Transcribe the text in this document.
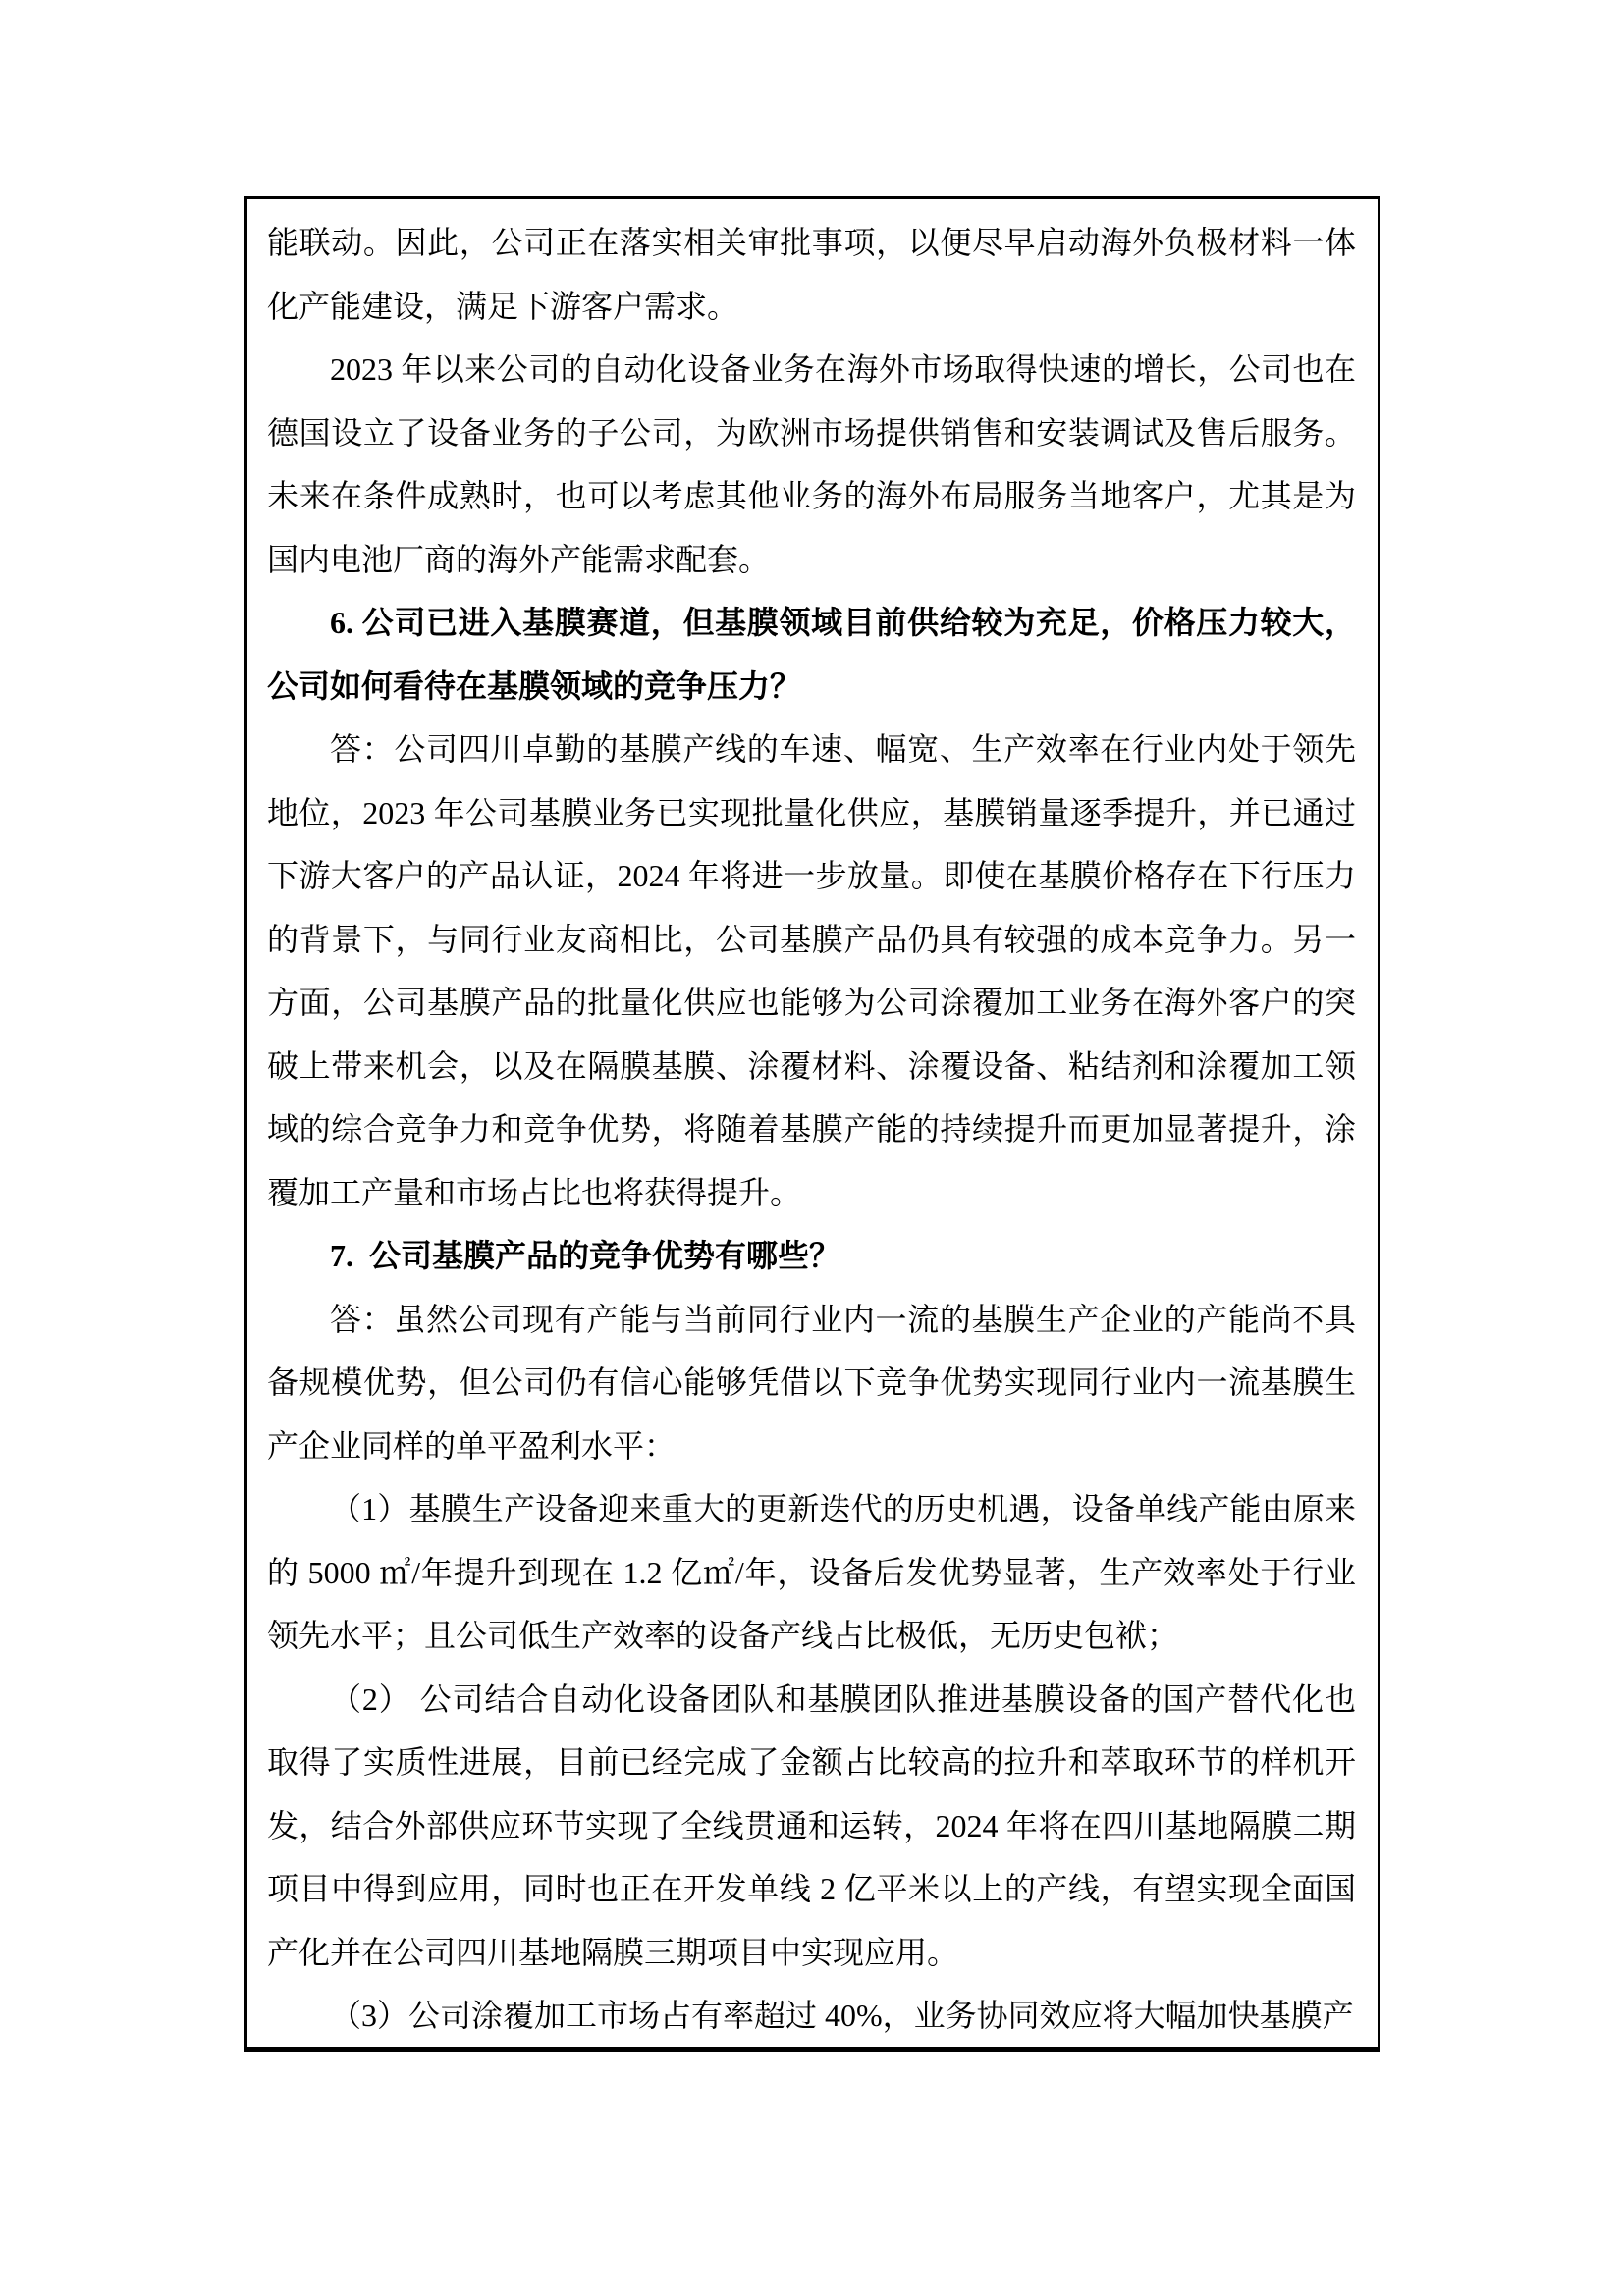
能联动。因此，公司正在落实相关审批事项，以便尽早启动海外负极材料一体化产能建设，满足下游客户需求。

2023 年以来公司的自动化设备业务在海外市场取得快速的增长，公司也在德国设立了设备业务的子公司，为欧洲市场提供销售和安装调试及售后服务。未来在条件成熟时，也可以考虑其他业务的海外布局服务当地客户，尤其是为国内电池厂商的海外产能需求配套。

6. 公司已进入基膜赛道，但基膜领域目前供给较为充足，价格压力较大，公司如何看待在基膜领域的竞争压力？

答：公司四川卓勤的基膜产线的车速、幅宽、生产效率在行业内处于领先地位，2023 年公司基膜业务已实现批量化供应，基膜销量逐季提升，并已通过下游大客户的产品认证，2024 年将进一步放量。即使在基膜价格存在下行压力的背景下，与同行业友商相比，公司基膜产品仍具有较强的成本竞争力。另一方面，公司基膜产品的批量化供应也能够为公司涂覆加工业务在海外客户的突破上带来机会，以及在隔膜基膜、涂覆材料、涂覆设备、粘结剂和涂覆加工领域的综合竞争力和竞争优势，将随着基膜产能的持续提升而更加显著提升，涂覆加工产量和市场占比也将获得提升。

7.  公司基膜产品的竞争优势有哪些？

答：虽然公司现有产能与当前同行业内一流的基膜生产企业的产能尚不具备规模优势，但公司仍有信心能够凭借以下竞争优势实现同行业内一流基膜生产企业同样的单平盈利水平：

（1）基膜生产设备迎来重大的更新迭代的历史机遇，设备单线产能由原来的 5000 ㎡/年提升到现在 1.2 亿㎡/年，设备后发优势显著，生产效率处于行业领先水平；且公司低生产效率的设备产线占比极低，无历史包袱；

（2） 公司结合自动化设备团队和基膜团队推进基膜设备的国产替代化也取得了实质性进展，目前已经完成了金额占比较高的拉升和萃取环节的样机开发，结合外部供应环节实现了全线贯通和运转，2024 年将在四川基地隔膜二期项目中得到应用，同时也正在开发单线 2 亿平米以上的产线，有望实现全面国产化并在公司四川基地隔膜三期项目中实现应用。

（3）公司涂覆加工市场占有率超过 40%，业务协同效应将大幅加快基膜产
